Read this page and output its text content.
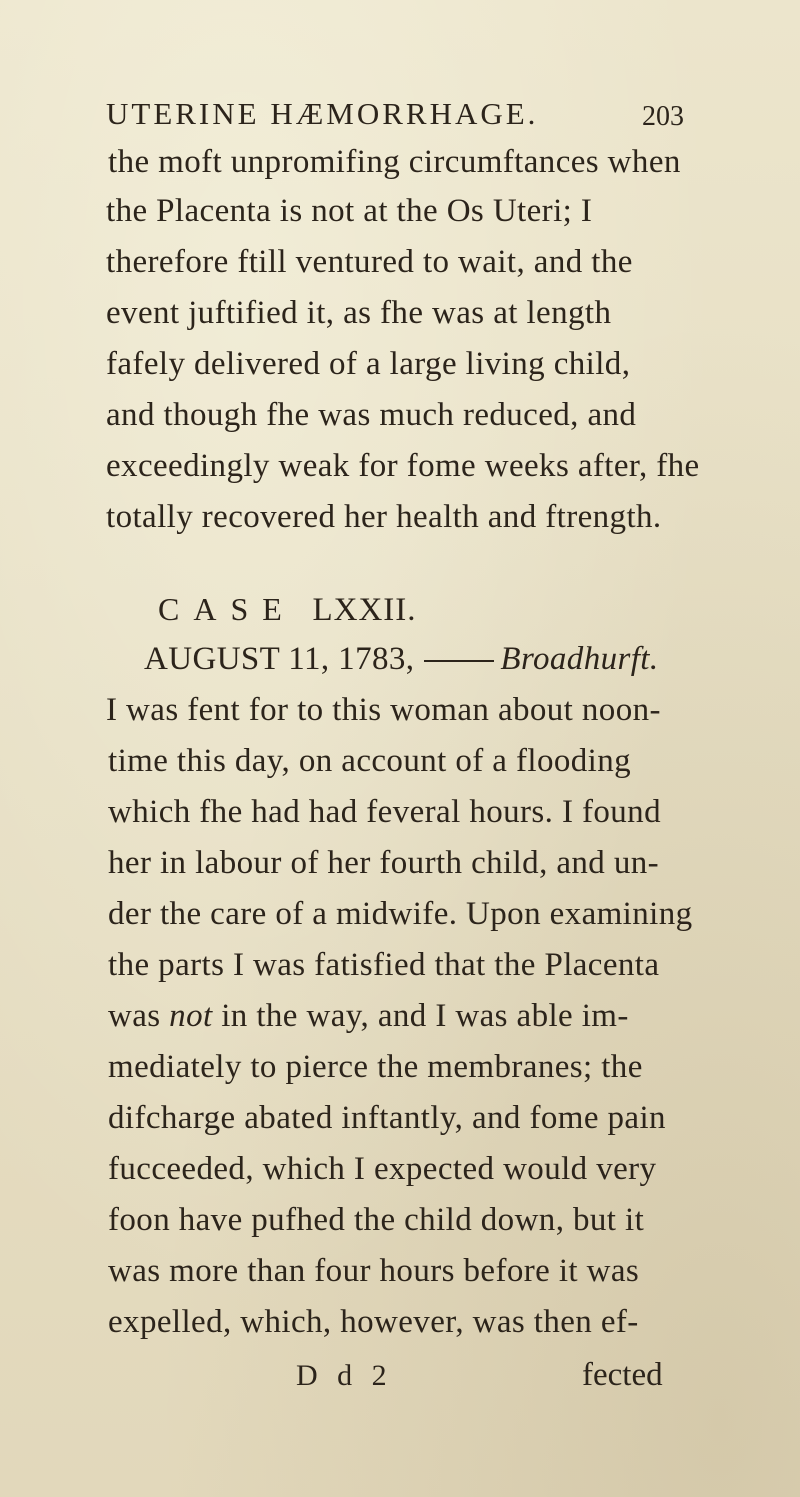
UTERINE HÆMORRHAGE.	203
the moft unpromifing circumftances when
the Placenta is not at the Os Uteri; I
therefore ftill ventured to wait, and the
event juftified it, as fhe was at length
fafely delivered of a large living child,
and though fhe was much reduced, and
exceedingly weak for fome weeks after, fhe
totally recovered her health and ftrength.
CASE LXXII.
AUGUST 11, 1783,	Broadhurft.
I was fent for to this woman about noon-
time this day, on account of a flooding
which fhe had had feveral hours. I found
her in labour of her fourth child, and un-
der the care of a midwife. Upon examining
the parts I was fatisfied that the Placenta
was not in the way, and I was able im-
mediately to pierce the membranes; the
difcharge abated inftantly, and fome pain
fucceeded, which I expected would very
foon have pufhed the child down, but it
was more than four hours before it was
expelled, which, however, was then ef-
D d 2	fected
